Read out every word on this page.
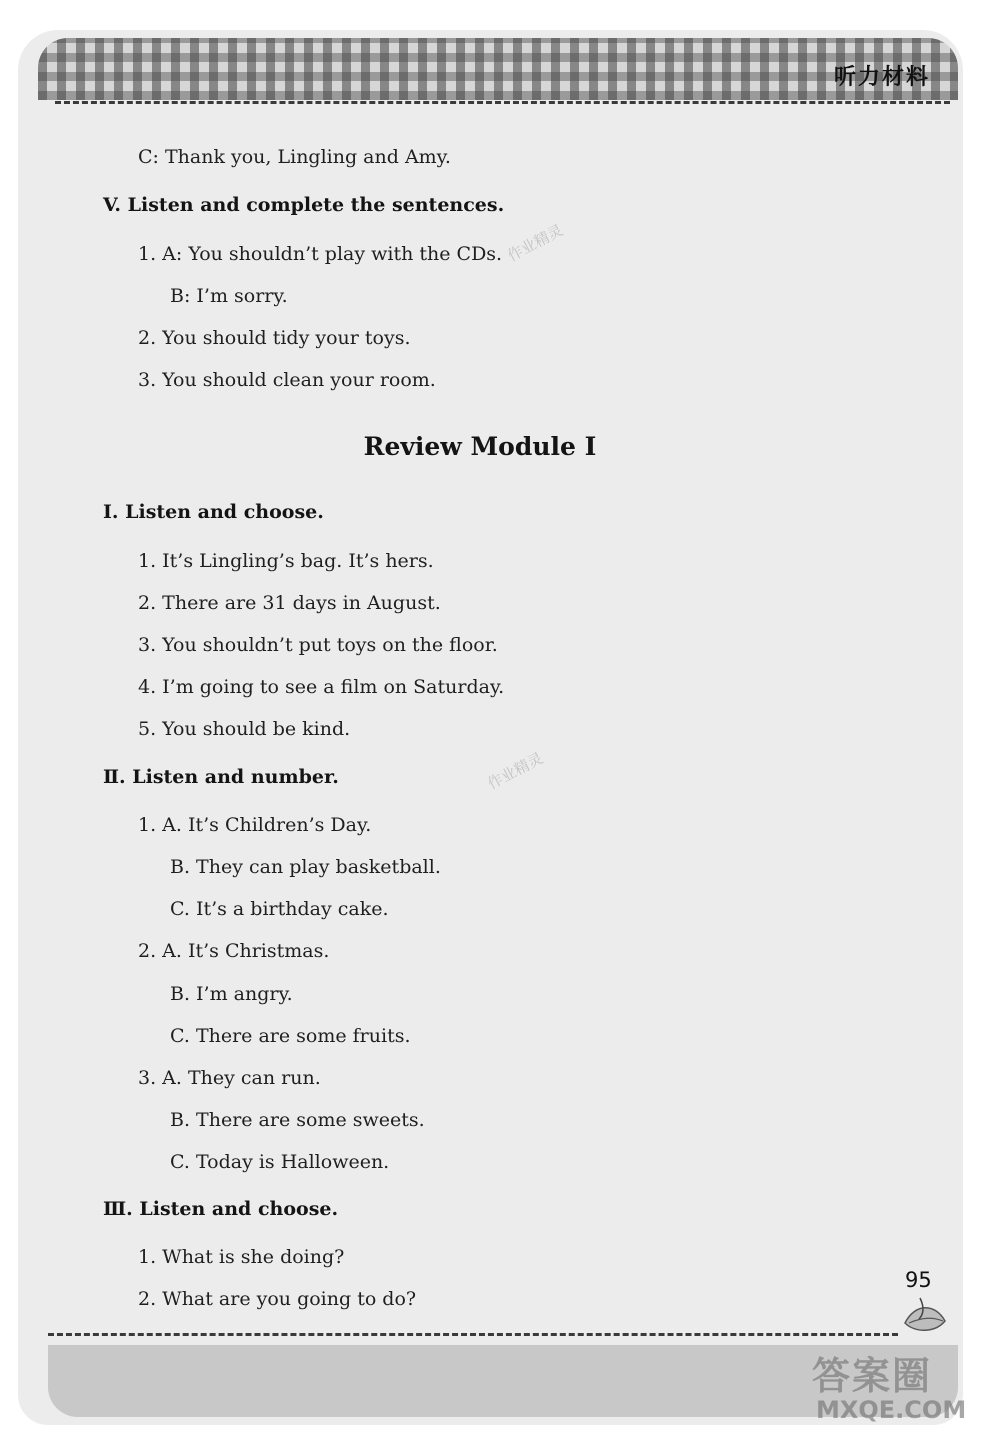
听力材料
C: Thank you, Lingling and Amy.
V. Listen and complete the sentences.
1. A: You shouldn’t play with the CDs.
B: I’m sorry.
2. You should tidy your toys.
3. You should clean your room.
Review Module Ⅰ
Ⅰ. Listen and choose.
1. It’s Lingling’s bag. It’s hers.
2. There are 31 days in August.
3. You shouldn’t put toys on the floor.
4. I’m going to see a film on Saturday.
5. You should be kind.
Ⅱ. Listen and number.
1. A. It’s Children’s Day.
B. They can play basketball.
C. It’s a birthday cake.
2. A. It’s Christmas.
B. I’m angry.
C. There are some fruits.
3. A. They can run.
B. There are some sweets.
C. Today is Halloween.
Ⅲ. Listen and choose.
1. What is she doing?
2. What are you going to do?
作业精灵
作业精灵
95
答案圈
MXQE.COM
